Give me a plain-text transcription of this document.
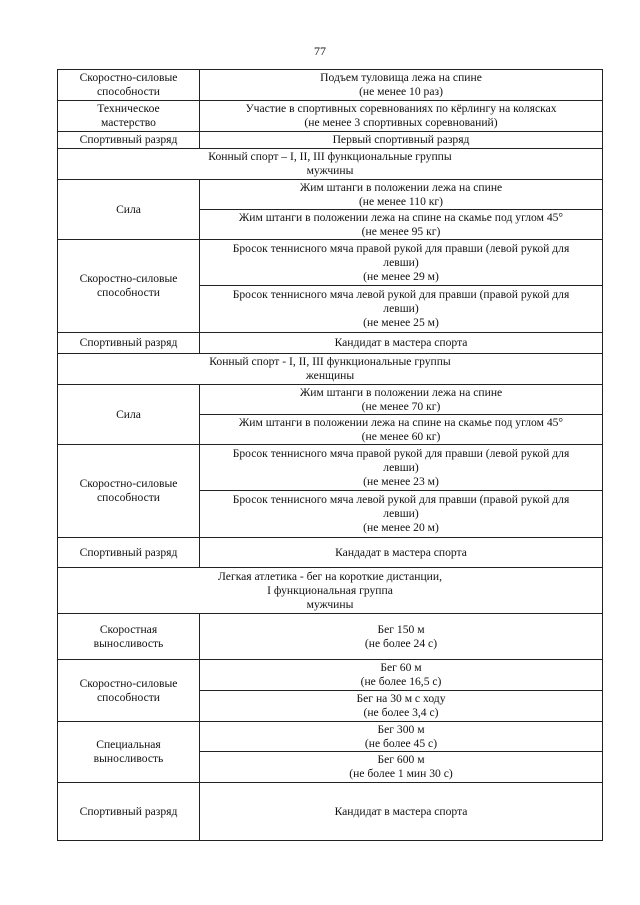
77
Скоростно-силовые
способности	Подъем туловища лежа на спине
(не менее 10 раз)

Техническое
мастерство	Участие в спортивных соревнованиях по кёрлингу на колясках
(не менее 3 спортивных соревнований)

Спортивный разряд	Первый спортивный разряд

Конный спорт – I, II, III функциональные группы
мужчины	

Сила	Жим штанги в положении лежа на спине
(не менее 110 кг)

	Жим штанги в положении лежа на спине на скамье под углом 45°
(не менее 95 кг)

Скоростно-силовые
способности	Бросок теннисного мяча правой рукой для правши (левой рукой для
левши)
(не менее 29 м)

	Бросок теннисного мяча левой рукой для правши (правой рукой для
левши)
(не менее 25 м)

Спортивный разряд	Кандидат в мастера спорта

Конный спорт - I, II, III функциональные группы
женщины	

Сила	Жим штанги в положении лежа на спине
(не менее 70 кг)

	Жим штанги в положении лежа на спине на скамье под углом 45°
(не менее 60 кг)

Скоростно-силовые
способности	Бросок теннисного мяча правой рукой для правши (левой рукой для
левши)
(не менее 23 м)

	Бросок теннисного мяча левой рукой для правши (правой рукой для
левши)
(не менее 20 м)

Спортивный разряд	Кандадат в мастера спорта

Легкая атлетика - бег на короткие дистанции,
I функциональная группа
мужчины	

Скоростная
выносливость	Бег 150 м
(не более 24 с)

Скоростно-силовые
способности	Бег 60 м
(не более 16,5 с)

	Бег на 30 м с ходу
(не более 3,4 с)

Специальная
выносливость	Бег 300 м
(не более 45 с)

	Бег 600 м
(не более 1 мин 30 с)

Спортивный разряд	Кандидат в мастера спорта
